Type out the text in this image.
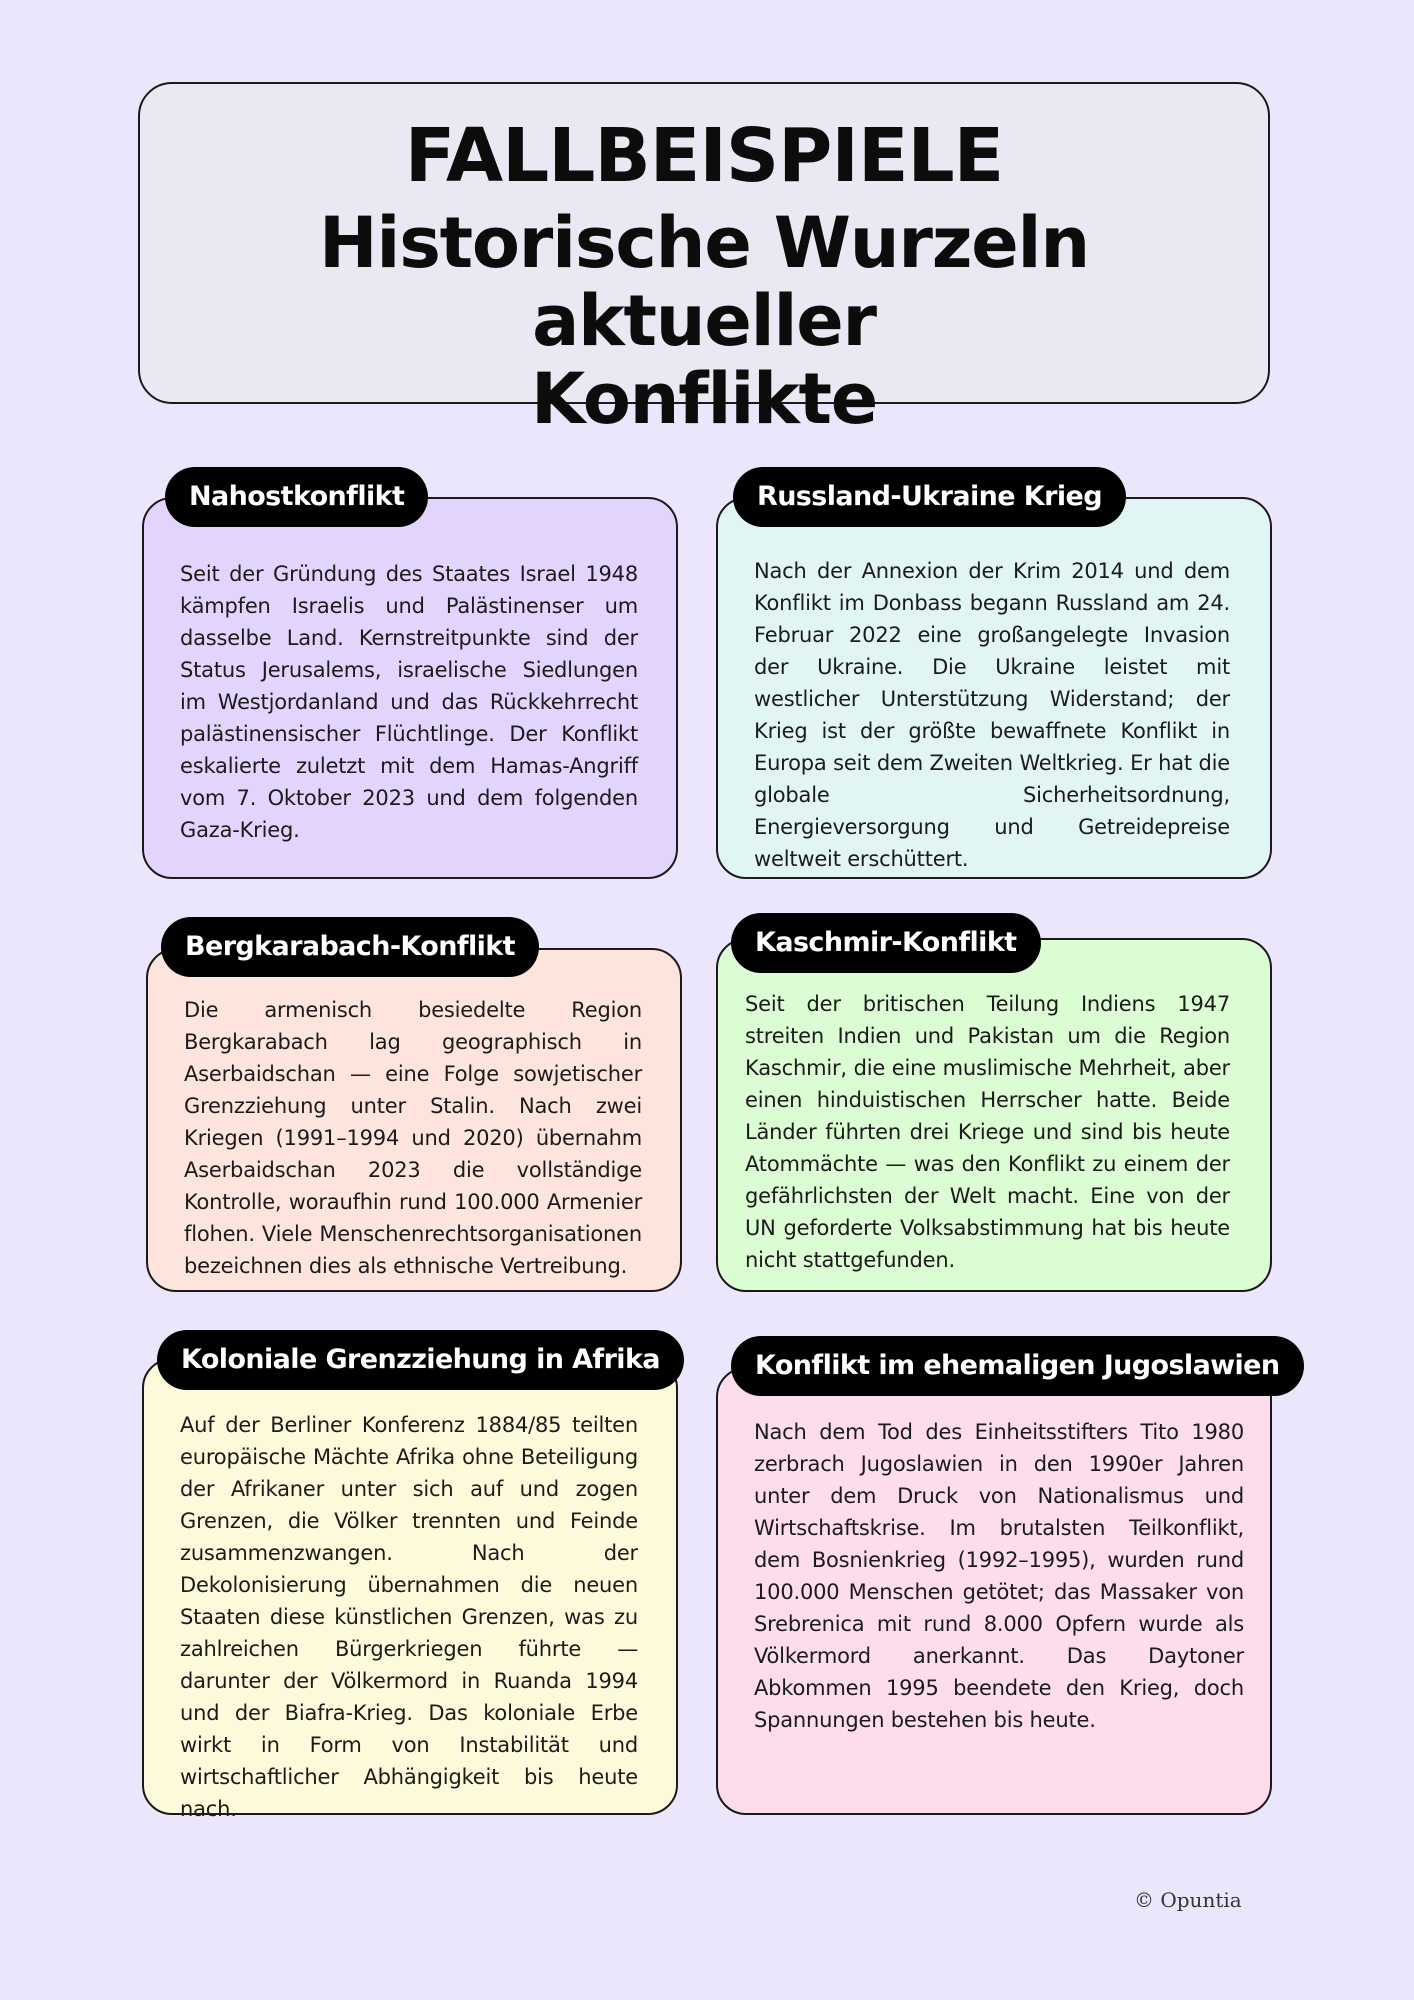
FALLBEISPIELE
Historische Wurzeln aktueller
Konflikte
Seit der Gründung des Staates Israel 1948 kämpfen Israelis und Palästinenser um dasselbe Land. Kernstreitpunkte sind der Status Jerusalems, israelische Siedlungen im Westjordanland und das Rückkehrrecht palästinensischer Flüchtlinge. Der Konflikt eskalierte zuletzt mit dem Hamas-Angriff vom 7. Oktober 2023 und dem folgenden Gaza-Krieg.
Nahostkonflikt
Nach der Annexion der Krim 2014 und dem Konflikt im Donbass begann Russland am 24. Februar 2022 eine großangelegte Invasion der Ukraine. Die Ukraine leistet mit westlicher Unterstützung Widerstand; der Krieg ist der größte bewaffnete Konflikt in Europa seit dem Zweiten Weltkrieg. Er hat die globale Sicherheitsordnung, Energieversorgung und Getreidepreise weltweit erschüttert.
Russland-Ukraine Krieg
Die armenisch besiedelte Region Bergkarabach lag geographisch in Aserbaidschan — eine Folge sowjetischer Grenzziehung unter Stalin. Nach zwei Kriegen (1991–1994 und 2020) übernahm Aserbaidschan 2023 die vollständige Kontrolle, woraufhin rund 100.000 Armenier flohen. Viele Menschenrechtsorganisationen bezeichnen dies als ethnische Vertreibung.
Bergkarabach-Konflikt
Seit der britischen Teilung Indiens 1947 streiten Indien und Pakistan um die Region Kaschmir, die eine muslimische Mehrheit, aber einen hinduistischen Herrscher hatte. Beide Länder führten drei Kriege und sind bis heute Atommächte — was den Konflikt zu einem der gefährlichsten der Welt macht. Eine von der UN geforderte Volksabstimmung hat bis heute nicht stattgefunden.
Kaschmir-Konflikt
Auf der Berliner Konferenz 1884/85 teilten europäische Mächte Afrika ohne Beteiligung der Afrikaner unter sich auf und zogen Grenzen, die Völker trennten und Feinde zusammenzwangen. Nach der Dekolonisierung übernahmen die neuen Staaten diese künstlichen Grenzen, was zu zahlreichen Bürgerkriegen führte — darunter der Völkermord in Ruanda 1994 und der Biafra-Krieg. Das koloniale Erbe wirkt in Form von Instabilität und wirtschaftlicher Abhängigkeit bis heute nach.
Koloniale Grenzziehung in Afrika
Nach dem Tod des Einheitsstifters Tito 1980 zerbrach Jugoslawien in den 1990er Jahren unter dem Druck von Nationalismus und Wirtschaftskrise. Im brutalsten Teilkonflikt, dem Bosnienkrieg (1992–1995), wurden rund 100.000 Menschen getötet; das Massaker von Srebrenica mit rund 8.000 Opfern wurde als Völkermord anerkannt. Das Daytoner Abkommen 1995 beendete den Krieg, doch Spannungen bestehen bis heute.
Konflikt im ehemaligen Jugoslawien
© Opuntia
